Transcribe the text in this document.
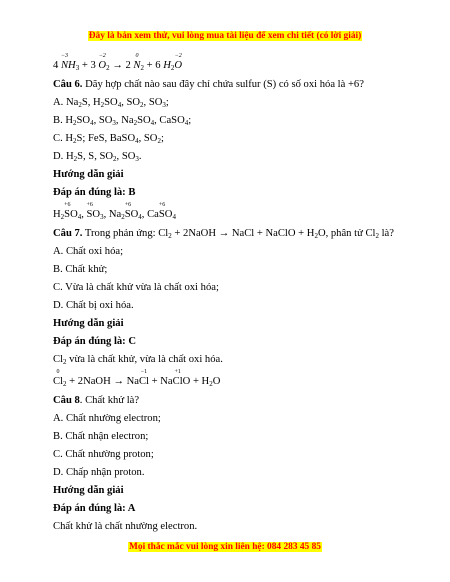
Đây là bản xem thử, vui lòng mua tài liệu để xem chi tiết (có lời giải)
4
−3
$NH_3 + 3$
−2
$O_2 \to 2$
0
$N_2 + 6$ $H_2$
−2
O
Câu 6. Dãy hợp chất nào sau đây chỉ chứa sulfur (S) có số oxi hóa là +6?
A. $Na_2S$, $H_2SO_4$, $SO_2$, $SO_3$;
B. $H_2SO_4$, $SO_3$, $Na_2SO_4$, CaSO$_4$;
C. $H_2S$; FeS, BaSO$_4$, $SO_2$;
D. $H_2S$, S, $SO_2$, $SO_3$.
Hướng dẫn giải
Đáp án đúng là: B
$H_2$
+6
$SO_4$,
+6
$SO_3$, $Na_2$
+6
$SO_4$, Ca
+6
$SO_4$
Câu 7. Trong phản ứng: $Cl_2$ + 2NaOH → NaCl + NaClO + $H_2O$, phân tử $Cl_2$ là?
A. Chất oxi hóa;
B. Chất khử;
C. Vừa là chất khử vừa là chất oxi hóa;
D. Chất bị oxi hóa.
Hướng dẫn giải
Đáp án đúng là: C
$Cl_2$ vừa là chất khử, vừa là chất oxi hóa.
0
$Cl_2$ + 2NaOH → Na
−1
Cl + Na
+1
ClO + $H_2O$
Câu 8. Chất khử là?
A. Chất nhường electron;
B. Chất nhận electron;
C. Chất nhường proton;
D. Chấp nhận proton.
Hướng dẫn giải
Đáp án đúng là: A
Chất khử là chất nhường electron.
Mọi thắc mắc vui lòng xin liên hệ: 084 283 45 85
